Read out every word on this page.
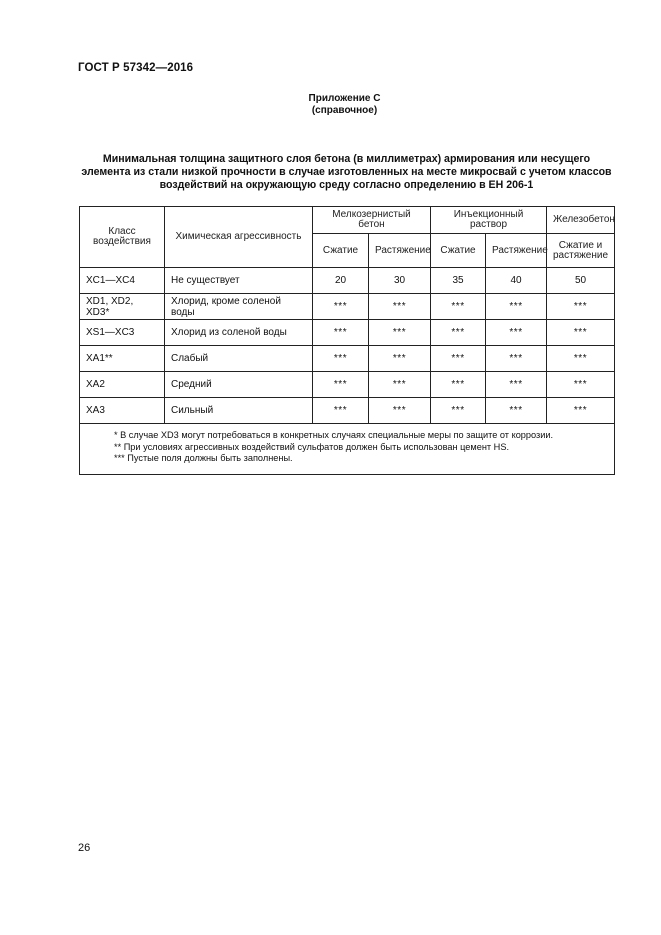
ГОСТ Р 57342—2016
Приложение С
(справочное)
Минимальная толщина защитного слоя бетона (в миллиметрах) армирования или несущего элемента из стали низкой прочности в случае изготовленных на месте микросвай с учетом классов воздействий на окружающую среду согласно определению в ЕН 206-1
Класс воздействия	Химическая агрессивность	Мелкозернистый бетон		Инъекционный раствор		Железобетон
		Сжатие	Растяжение	Сжатие	Растяжение	Сжатие и растяжение
XC1—XC4	Не существует	20	30	35	40	50
XD1, XD2, XD3*	Хлорид, кроме соленой воды	***	***	***	***	***
XS1—XC3	Хлорид из соленой воды	***	***	***	***	***
XA1**	Слабый	***	***	***	***	***
XA2	Средний	***	***	***	***	***
XA3	Сильный	***	***	***	***	***

* В случае XD3 могут потребоваться в конкретных случаях специальные меры по защите от коррозии.
** При условиях агрессивных воздействий сульфатов должен быть использован цемент HS.
*** Пустые поля должны быть заполнены.						
26
